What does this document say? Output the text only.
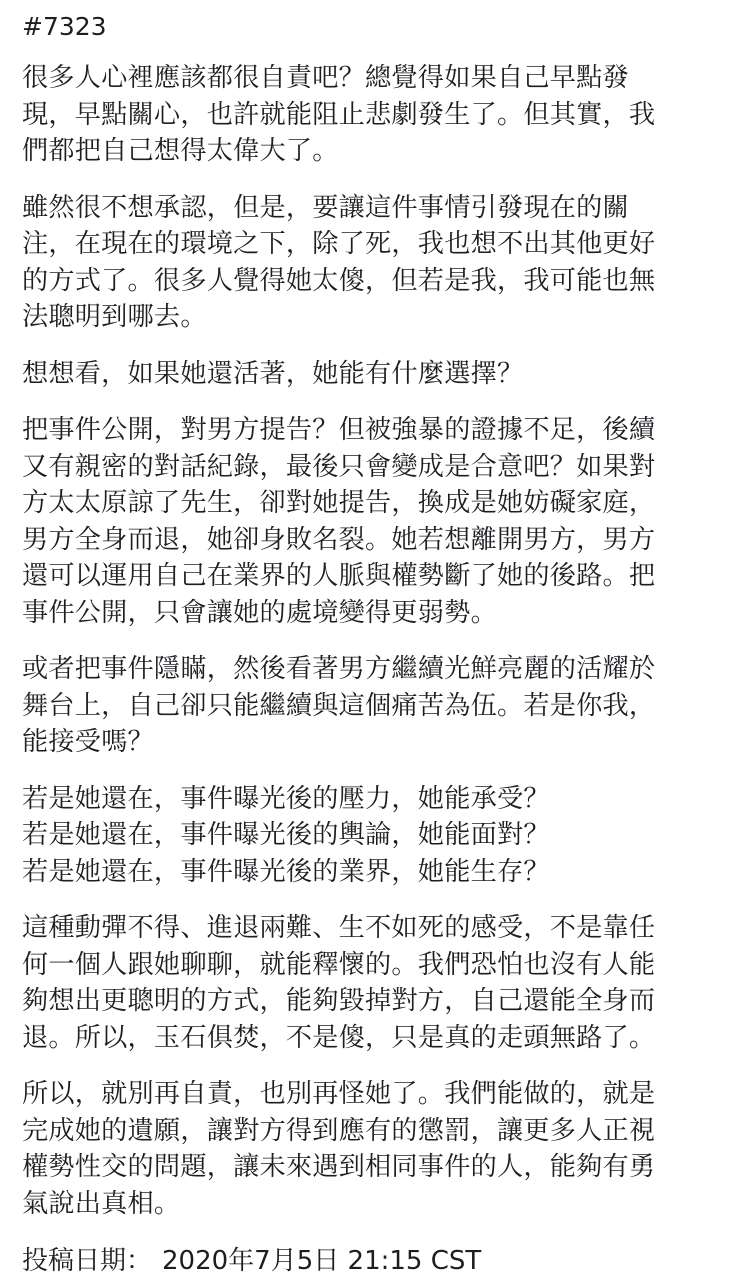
#7323
很多人心裡應該都很自責吧？總覺得如果自己早點發
現，早點關心，也許就能阻止悲劇發生了。但其實，我
們都把自己想得太偉大了。
雖然很不想承認，但是，要讓這件事情引發現在的關
注，在現在的環境之下，除了死，我也想不出其他更好
的方式了。很多人覺得她太傻，但若是我，我可能也無
法聰明到哪去。
想想看，如果她還活著，她能有什麼選擇？
把事件公開，對男方提告？但被強暴的證據不足，後續
又有親密的對話紀錄，最後只會變成是合意吧？如果對
方太太原諒了先生，卻對她提告，換成是她妨礙家庭，
男方全身而退，她卻身敗名裂。她若想離開男方，男方
還可以運用自己在業界的人脈與權勢斷了她的後路。把
事件公開，只會讓她的處境變得更弱勢。
或者把事件隱瞞，然後看著男方繼續光鮮亮麗的活耀於
舞台上，自己卻只能繼續與這個痛苦為伍。若是你我，
能接受嗎？
若是她還在，事件曝光後的壓力，她能承受？
若是她還在，事件曝光後的輿論，她能面對？
若是她還在，事件曝光後的業界，她能生存？
這種動彈不得、進退兩難、生不如死的感受，不是靠任
何一個人跟她聊聊，就能釋懷的。我們恐怕也沒有人能
夠想出更聰明的方式，能夠毀掉對方，自己還能全身而
退。所以，玉石俱焚，不是傻，只是真的走頭無路了。
所以，就別再自責，也別再怪她了。我們能做的，就是
完成她的遺願，讓對方得到應有的懲罰，讓更多人正視
權勢性交的問題，讓未來遇到相同事件的人，能夠有勇
氣說出真相。
投稿日期： 2020年7月5日 21:15 CST
